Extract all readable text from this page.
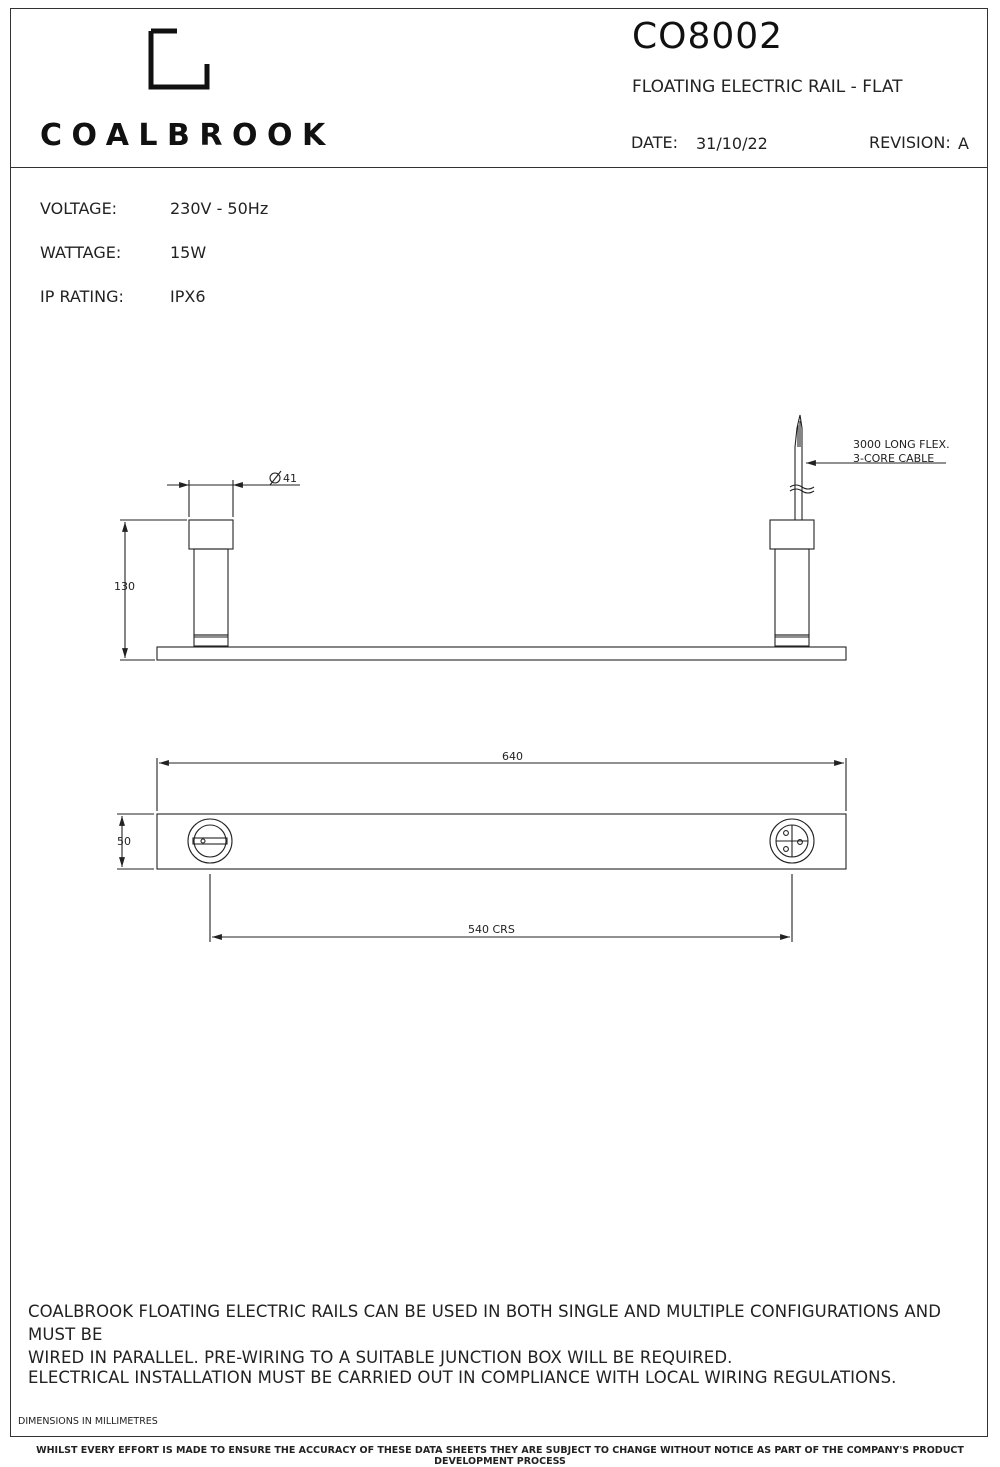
COALBROOK
CO8002
FLOATING ELECTRIC RAIL - FLAT
DATE: 31/10/22	REVISION: A
VOLTAGE:	230V - 50Hz
WATTAGE:	15W
IP RATING:	IPX6
41
130
3000 LONG FLEX.
3-CORE CABLE
640
50
540 CRS
COALBROOK FLOATING ELECTRIC RAILS CAN BE USED IN BOTH SINGLE AND MULTIPLE CONFIGURATIONS AND MUST BE
WIRED IN PARALLEL. PRE-WIRING TO A SUITABLE JUNCTION BOX WILL BE REQUIRED.
ELECTRICAL INSTALLATION MUST BE CARRIED OUT IN COMPLIANCE WITH LOCAL WIRING REGULATIONS.
DIMENSIONS IN MILLIMETRES
WHILST EVERY EFFORT IS MADE TO ENSURE THE ACCURACY OF THESE DATA SHEETS THEY ARE SUBJECT TO CHANGE WITHOUT NOTICE AS PART OF THE COMPANY'S PRODUCT DEVELOPMENT PROCESS
